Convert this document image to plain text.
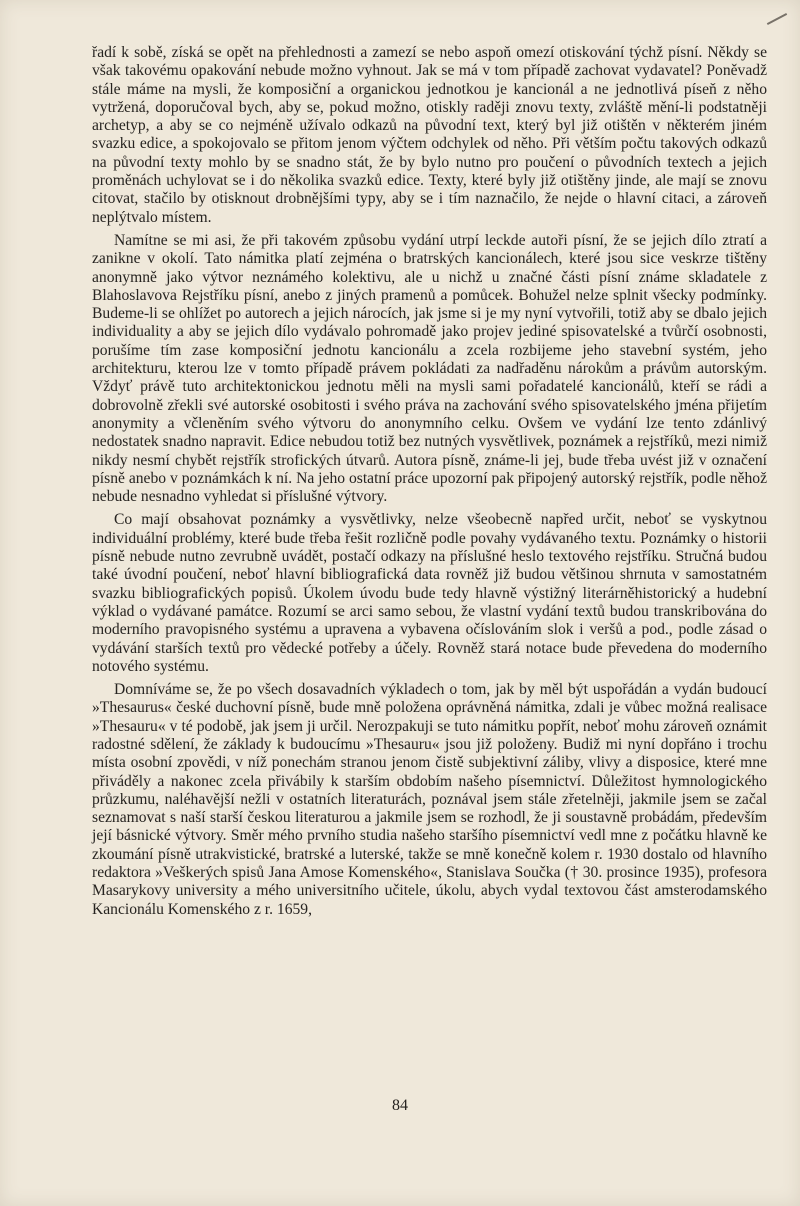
řadí k sobě, získá se opět na přehlednosti a zamezí se nebo aspoň omezí otiskování týchž písní. Někdy se však takovému opakování nebude možno vyhnout. Jak se má v tom případě zachovat vydavatel? Poněvadž stále máme na mysli, že komposiční a organickou jednotkou je kancionál a ne jednotlivá píseň z něho vytržená, doporučoval bych, aby se, pokud možno, otiskly raději znovu texty, zvláště mění-li podstatněji archetyp, a aby se co nejméně užívalo odkazů na původní text, který byl již otištěn v některém jiném svazku edice, a spokojovalo se přitom jenom výčtem odchylek od něho. Při větším počtu takových odkazů na původní texty mohlo by se snadno stát, že by bylo nutno pro poučení o původních textech a jejich proměnách uchylovat se i do několika svazků edice. Texty, které byly již otištěny jinde, ale mají se znovu citovat, stačilo by otisknout drobnějšími typy, aby se i tím naznačilo, že nejde o hlavní citaci, a zároveň neplýtvalo místem.

Namítne se mi asi, že při takovém způsobu vydání utrpí leckde autoři písní, že se jejich dílo ztratí a zanikne v okolí. Tato námitka platí zejména o bratrských kancionálech, které jsou sice veskrze tištěny anonymně jako výtvor neznámého kolektivu, ale u nichž u značné části písní známe skladatele z Blahoslavova Rejstříku písní, anebo z jiných pramenů a pomůcek. Bohužel nelze splnit všecky podmínky. Budeme-li se ohlížet po autorech a jejich nárocích, jak jsme si je my nyní vytvořili, totiž aby se dbalo jejich individuality a aby se jejich dílo vydávalo pohromadě jako projev jediné spisovatelské a tvůrčí osobnosti, porušíme tím zase komposiční jednotu kancionálu a zcela rozbijeme jeho stavební systém, jeho architekturu, kterou lze v tomto případě právem pokládati za nadřaděnu nárokům a právům autorským. Vždyť právě tuto architektonickou jednotu měli na mysli sami pořadatelé kancionálů, kteří se rádi a dobrovolně zřekli své autorské osobitosti i svého práva na zachování svého spisovatelského jména přijetím anonymity a včleněním svého výtvoru do anonymního celku. Ovšem ve vydání lze tento zdánlivý nedostatek snadno napravit. Edice nebudou totiž bez nutných vysvětlivek, poznámek a rejstříků, mezi nimiž nikdy nesmí chybět rejstřík strofických útvarů. Autora písně, známe-li jej, bude třeba uvést již v označení písně anebo v poznámkách k ní. Na jeho ostatní práce upozorní pak připojený autorský rejstřík, podle něhož nebude nesnadno vyhledat si příslušné výtvory.

Co mají obsahovat poznámky a vysvětlivky, nelze všeobecně napřed určit, neboť se vyskytnou individuální problémy, které bude třeba řešit rozličně podle povahy vydávaného textu. Poznámky o historii písně nebude nutno zevrubně uvádět, postačí odkazy na příslušné heslo textového rejstříku. Stručná budou také úvodní poučení, neboť hlavní bibliografická data rovněž již budou většinou shrnuta v samostatném svazku bibliografických popisů. Úkolem úvodu bude tedy hlavně výstižný literárněhistorický a hudební výklad o vydávané památce. Rozumí se arci samo sebou, že vlastní vydání textů budou transkribována do moderního pravopisného systému a upravena a vybavena očíslováním slok i veršů a pod., podle zásad o vydávání starších textů pro vědecké potřeby a účely. Rovněž stará notace bude převedena do moderního notového systému.

Domníváme se, že po všech dosavadních výkladech o tom, jak by měl být uspořádán a vydán budoucí »Thesaurus« české duchovní písně, bude mně položena oprávněná námitka, zdali je vůbec možná realisace »Thesauru« v té podobě, jak jsem ji určil. Nerozpakuji se tuto námitku popřít, neboť mohu zároveň oznámit radostné sdělení, že základy k budoucímu »Thesauru« jsou již položeny. Budiž mi nyní dopřáno i trochu místa osobní zpovědi, v níž ponechám stranou jenom čistě subjektivní záliby, vlivy a disposice, které mne přiváděly a nakonec zcela přivábily k starším obdobím našeho písemnictví. Důležitost hymnologického průzkumu, naléhavější nežli v ostatních literaturách, poznával jsem stále zřetelněji, jakmile jsem se začal seznamovat s naší starší českou literaturou a jakmile jsem se rozhodl, že ji soustavně probádám, především její básnické výtvory. Směr mého prvního studia našeho staršího písemnictví vedl mne z počátku hlavně ke zkoumání písně utrakvistické, bratrské a luterské, takže se mně konečně kolem r. 1930 dostalo od hlavního redaktora »Veškerých spisů Jana Amose Komenského«, Stanislava Součka († 30. prosince 1935), profesora Masarykovy university a mého universitního učitele, úkolu, abych vydal textovou část amsterodamského Kancionálu Komenského z r. 1659,

84
